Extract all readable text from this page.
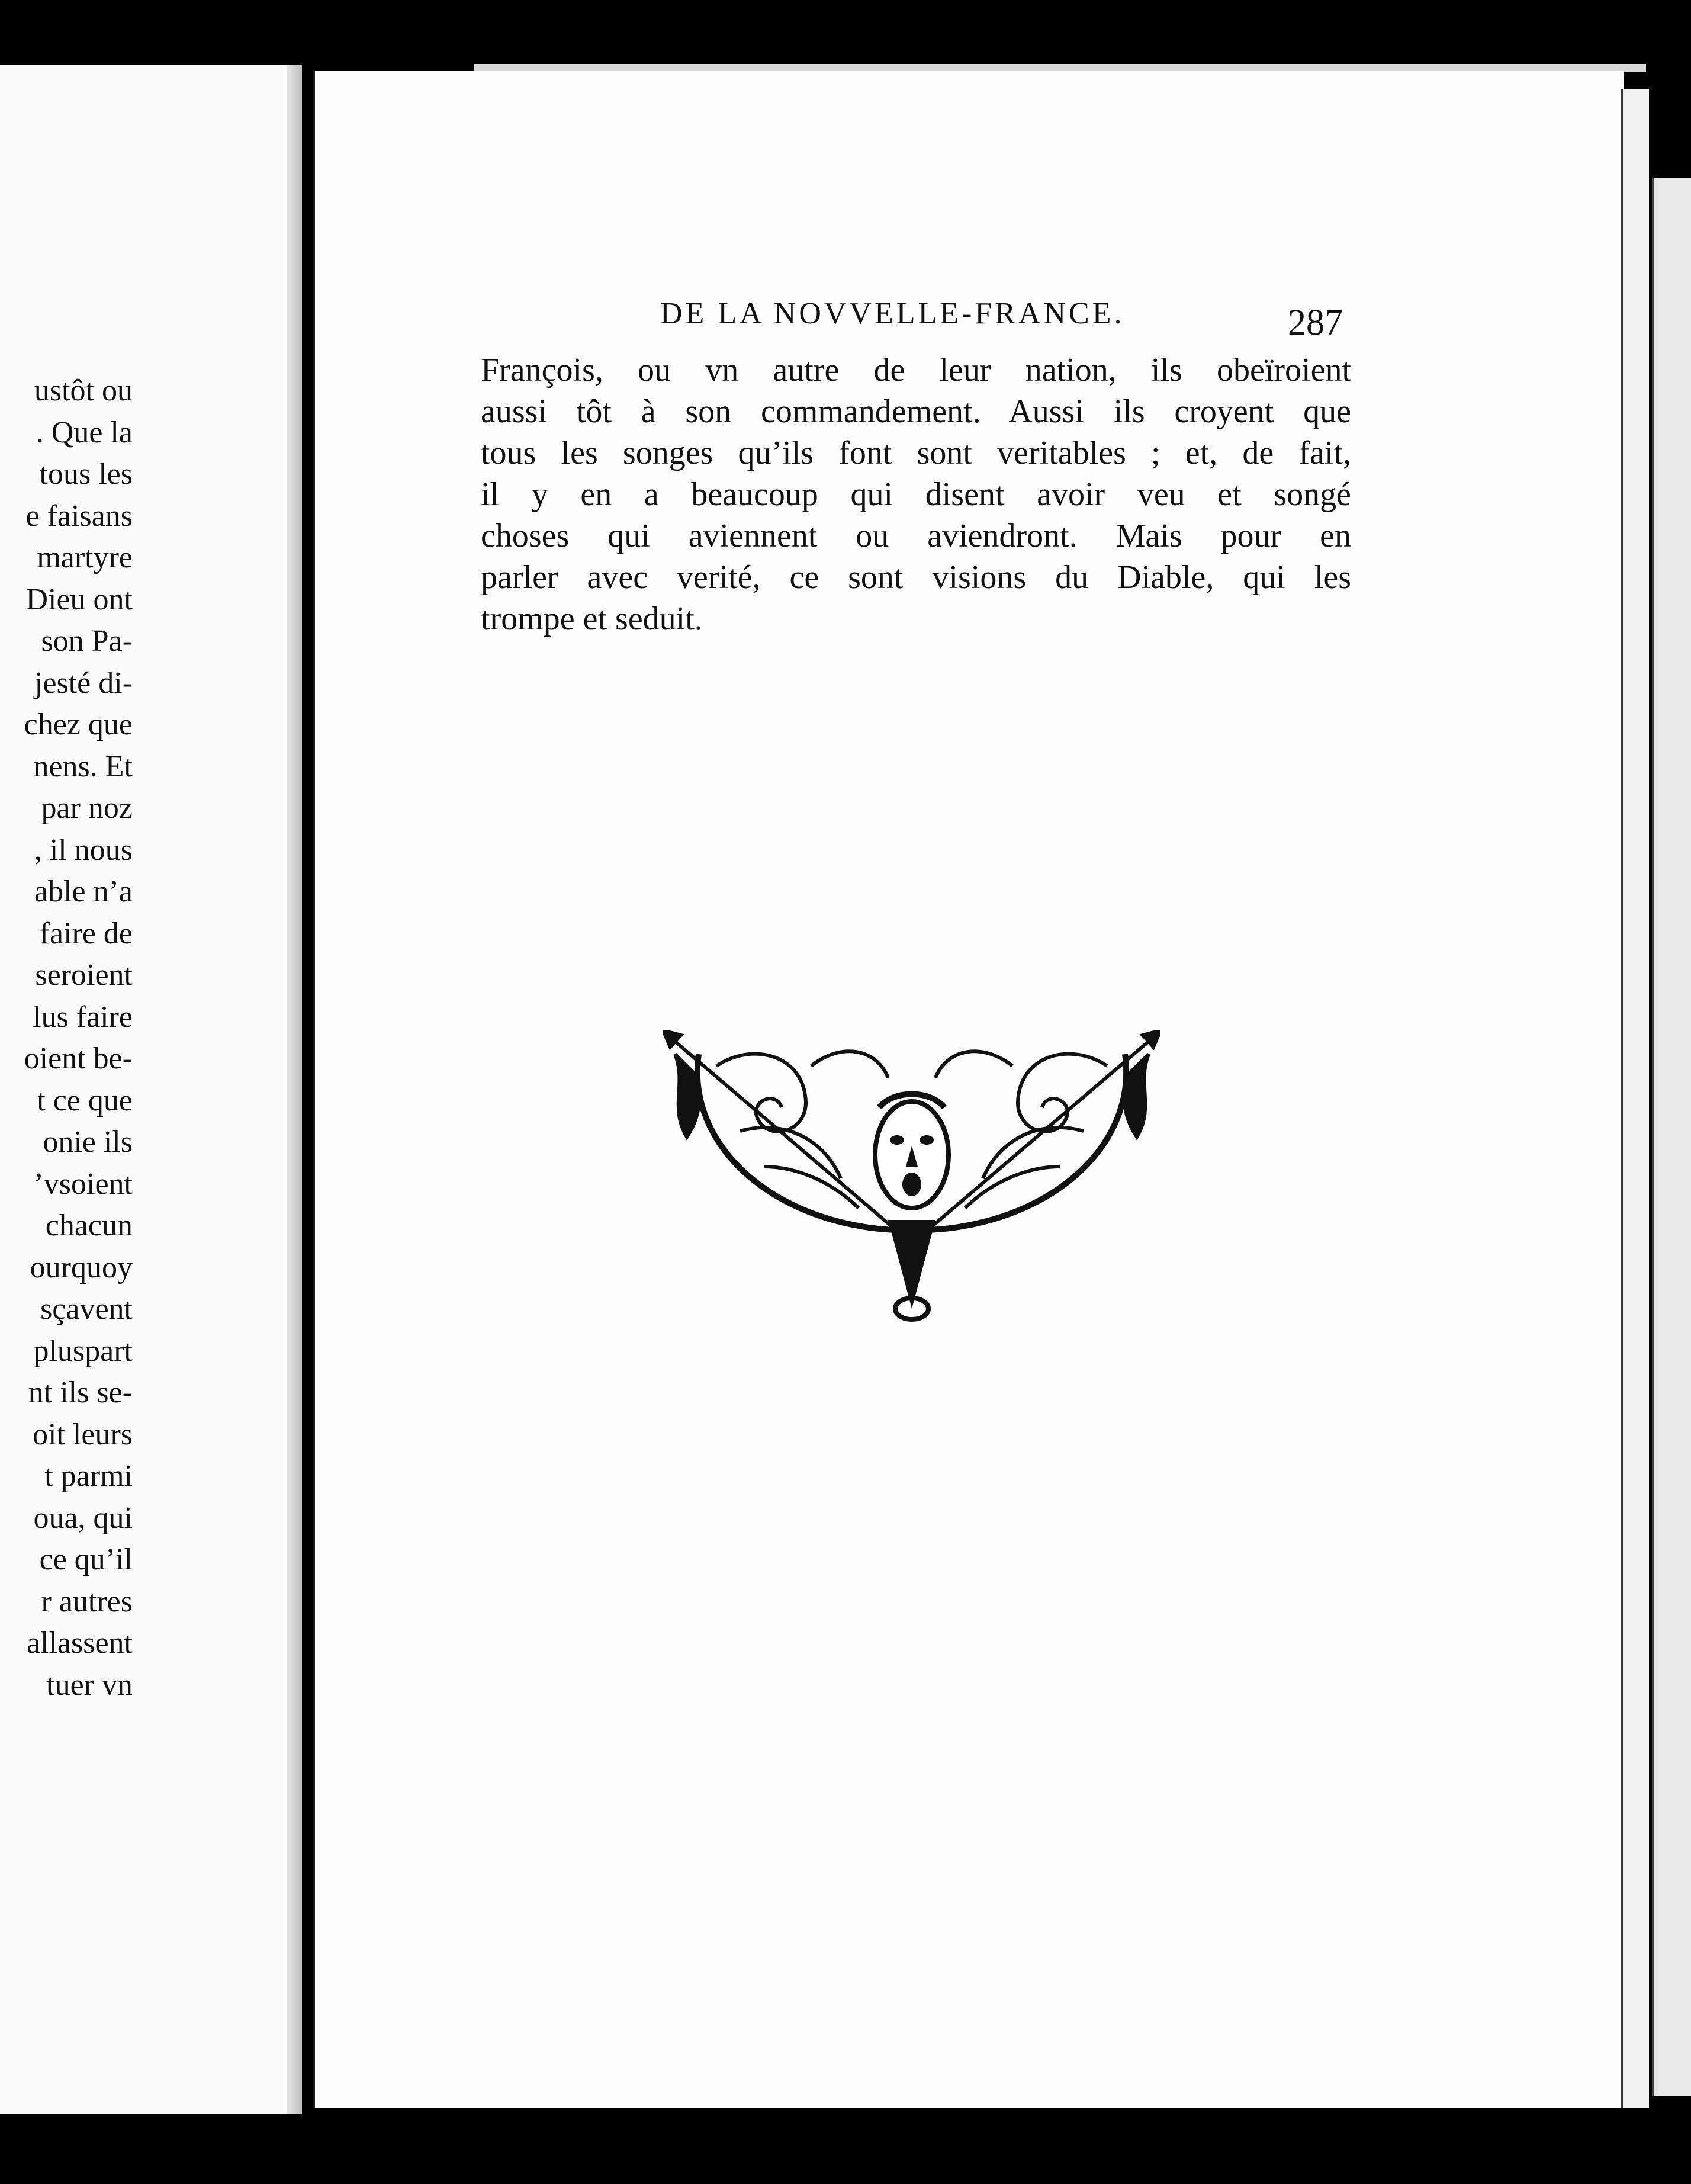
ustôt ou
. Que la
tous les
e faisans
martyre
Dieu ont
son Pa-
jesté di-
chez que
nens. Et
par noz
, il nous
able n’a
faire de
seroient
lus faire
oient be-
t ce que
onie ils
’vsoient
chacun
ourquoy
sçavent
pluspart
nt ils se-
oit leurs
t parmi
oua, qui
ce qu’il
r autres
allassent
tuer vn
DE LA NOVVELLE-FRANCE.	287
François, ou vn autre de leur nation, ils obeïroient
aussi tôt à son commandement. Aussi ils croyent que
tous les songes qu’ils font sont veritables ; et, de fait,
il y en a beaucoup qui disent avoir veu et songé
choses qui aviennent ou aviendront. Mais pour en
parler avec verité, ce sont visions du Diable, qui les
trompe et seduit.
